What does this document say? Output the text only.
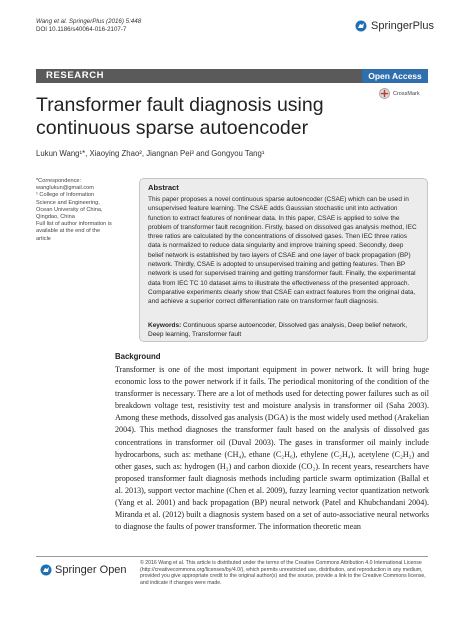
Wang et al. SpringerPlus (2016) 5:448
DOI 10.1186/s40064-016-2107-7	SpringerPlus
RESEARCH	Open Access
CrossMark
Transformer fault diagnosis using continuous sparse autoencoder
Lukun Wang¹*, Xiaoying Zhao², Jiangnan Pei³ and Gongyou Tang¹
*Correspondence:
wanglukun@gmail.com
¹ College of Information Science and Engineering, Ocean University of China, Qingdao, China
Full list of author information is available at the end of the article
Abstract
This paper proposes a novel continuous sparse autoencoder (CSAE) which can be used in unsupervised feature learning. The CSAE adds Gaussian stochastic unit into activation function to extract features of nonlinear data. In this paper, CSAE is applied to solve the problem of transformer fault recognition. Firstly, based on dissolved gas analysis method, IEC three ratios are calculated by the concentrations of dissolved gases. Then IEC three ratios data is normalized to reduce data singularity and improve training speed. Secondly, deep belief network is established by two layers of CSAE and one layer of back propagation (BP) network. Thirdly, CSAE is adopted to unsupervised training and getting features. Then BP network is used for supervised training and getting transformer fault. Finally, the experimental data from IEC TC 10 dataset aims to illustrate the effectiveness of the presented approach. Comparative experiments clearly show that CSAE can extract features from the original data, and achieve a superior correct differentiation rate on transformer fault diagnosis.
Keywords: Continuous sparse autoencoder, Dissolved gas analysis, Deep belief network, Deep learning, Transformer fault
Background
Transformer is one of the most important equipment in power network. It will bring huge economic loss to the power network if it fails. The periodical monitoring of the condition of the transformer is necessary. There are a lot of methods used for detecting power failures such as oil breakdown voltage test, resistivity test and moisture analysis in transformer oil (Saha 2003). Among these methods, dissolved gas analysis (DGA) is the most widely used method (Arakelian 2004). This method diagnoses the transformer fault based on the analysis of dissolved gas concentrations in transformer oil (Duval 2003). The gases in transformer oil mainly include hydrocarbons, such as: methane (CH₄), ethane (C₂H₆), ethylene (C₂H₄), acetylene (C₂H₂) and other gases, such as: hydrogen (H₂) and carbon dioxide (CO₂). In recent years, researchers have proposed transformer fault diagnosis methods including particle swarm optimization (Ballal et al. 2013), support vector machine (Chen et al. 2009), fuzzy learning vector quantization network (Yang et al. 2001) and back propagation (BP) neural network (Patel and Khubchandani 2004). Miranda et al. (2012) built a diagnosis system based on a set of auto-associative neural networks to diagnose the faults of power transformer. The information theoretic mean
Springer Open
© 2016 Wang et al. This article is distributed under the terms of the Creative Commons Attribution 4.0 International License (http://creativecommons.org/licenses/by/4.0/), which permits unrestricted use, distribution, and reproduction in any medium, provided you give appropriate credit to the original author(s) and the source, provide a link to the Creative Commons license, and indicate if changes were made.
